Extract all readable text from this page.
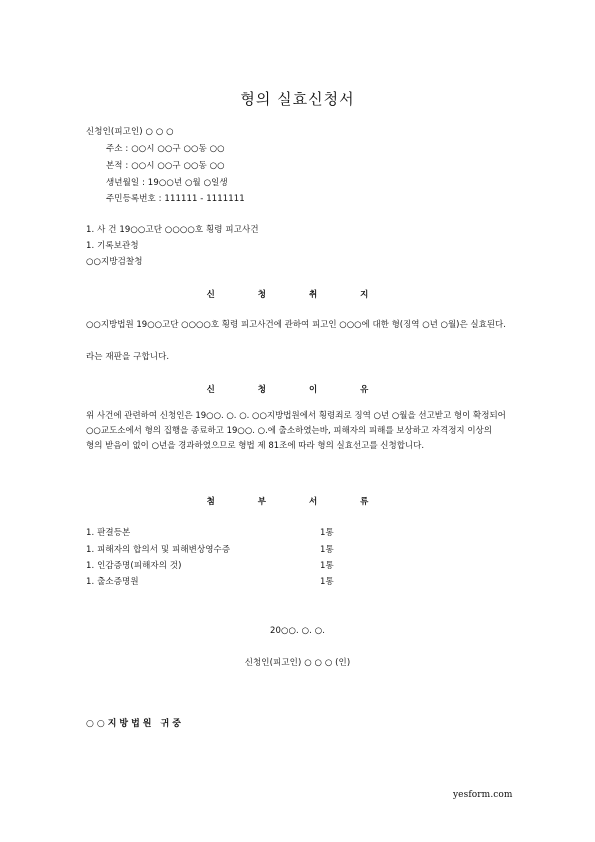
형의 실효신청서
신청인(피고인) ○ ○ ○
주소 : ○○시 ○○구 ○○동 ○○
본적 : ○○시 ○○구 ○○동 ○○
생년월일 : 19○○년 ○월 ○일생
주민등록번호 : 111111 - 1111111
1. 사 건 19○○고단 ○○○○호 횡령 피고사건
1. 기록보관청
○○지방검찰청
신 청 취 지
○○지방법원 19○○고단 ○○○○호 횡령 피고사건에 관하여 피고인 ○○○에 대한 형(징역 ○년 ○월)은 실효된다.
라는 재판을 구합니다.
신 청 이 유
위 사건에 관련하여 신청인은 19○○. ○. ○. ○○지방법원에서 횡령죄로 징역 ○년 ○월을 선고받고 형이 확정되어 ○○교도소에서 형의 집행을 종료하고 19○○. ○.에 출소하였는바, 피해자의 피해를 보상하고 자격정지 이상의 형의 받음이 없이 ○년을 경과하였으므로 형법 제 81조에 따라 형의 실효선고를 신청합니다.
첨 부 서 류
1. 판결등본	1통
1. 피해자의 합의서 및 피해변상영수증	1통
1. 인감증명(피해자의 것)	1통
1. 출소증명원	1통
20○○. ○. ○.
신청인(피고인) ○ ○ ○ (인)
○○지방법원 귀중
yesform.com
